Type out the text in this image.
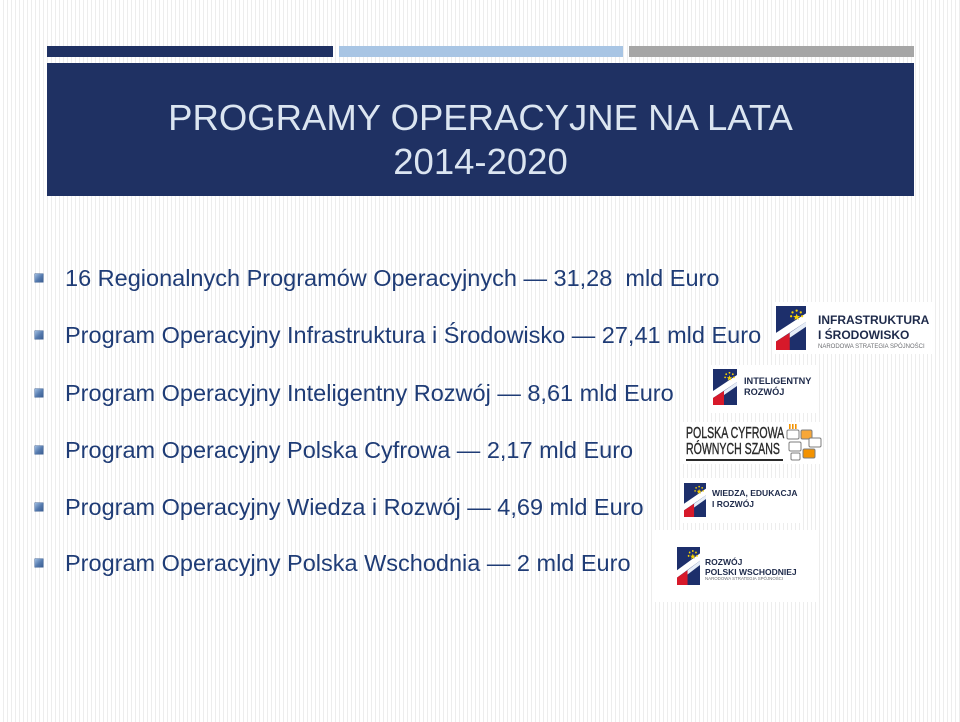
PROGRAMY OPERACYJNE NA LATA
2014-2020
16 Regionalnych Programów Operacyjnych — 31,28  mld Euro
Program Operacyjny Infrastruktura i Środowisko — 27,41 mld Euro
Program Operacyjny Inteligentny Rozwój — 8,61 mld Euro
Program Operacyjny Polska Cyfrowa — 2,17 mld Euro
Program Operacyjny Wiedza i Rozwój — 4,69 mld Euro
Program Operacyjny Polska Wschodnia — 2 mld Euro
INFRASTRUKTURA
I ŚRODOWISKO
NARODOWA STRATEGIA SPÓJNOŚCI
INTELIGENTNY
ROZWÓJ
POLSKA CYFROWA
RÓWNYCH SZANS
WIEDZA, EDUKACJA
I ROZWÓJ
ROZWÓJ
POLSKI WSCHODNIEJ
NARODOWA STRATEGIA SPÓJNOŚCI
